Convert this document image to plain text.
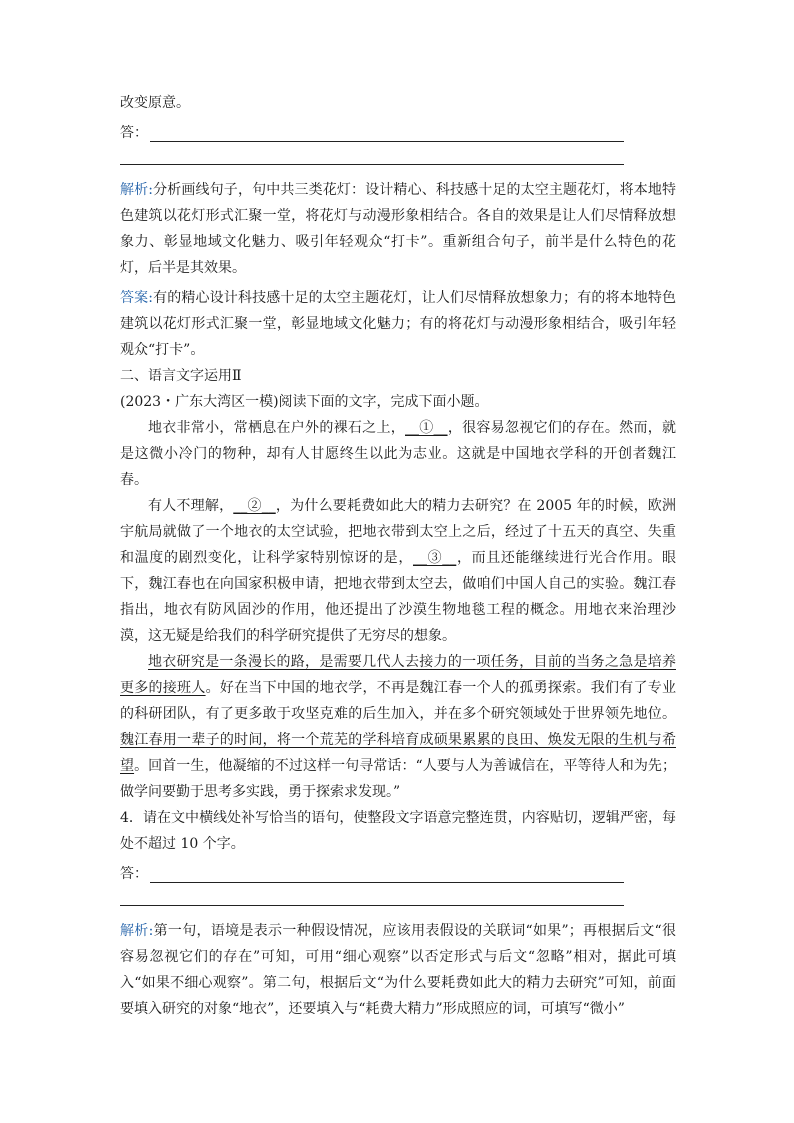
改变原意。

答：

解析:分析画线句子，句中共三类花灯：设计精心、科技感十足的太空主题花灯，将本地特色建筑以花灯形式汇聚一堂，将花灯与动漫形象相结合。各自的效果是让人们尽情释放想象力、彰显地域文化魅力、吸引年轻观众“打卡”。重新组合句子，前半是什么特色的花灯，后半是其效果。

答案:有的精心设计科技感十足的太空主题花灯，让人们尽情释放想象力；有的将本地特色建筑以花灯形式汇聚一堂，彰显地域文化魅力；有的将花灯与动漫形象相结合，吸引年轻观众“打卡”。

二、语言文字运用Ⅱ

(2023・广东大湾区一模)阅读下面的文字，完成下面小题。

地衣非常小，常栖息在户外的裸石之上，__①__，很容易忽视它们的存在。然而，就是这微小冷门的物种，却有人甘愿终生以此为志业。这就是中国地衣学科的开创者魏江春。

有人不理解，__②__，为什么要耗费如此大的精力去研究？在 2005 年的时候，欧洲宇航局就做了一个地衣的太空试验，把地衣带到太空上之后，经过了十五天的真空、失重和温度的剧烈变化，让科学家特别惊讶的是，__③__，而且还能继续进行光合作用。眼下，魏江春也在向国家积极申请，把地衣带到太空去，做咱们中国人自己的实验。魏江春指出，地衣有防风固沙的作用，他还提出了沙漠生物地毯工程的概念。用地衣来治理沙漠，这无疑是给我们的科学研究提供了无穷尽的想象。

地衣研究是一条漫长的路，是需要几代人去接力的一项任务，目前的当务之急是培养更多的接班人。好在当下中国的地衣学，不再是魏江春一个人的孤勇探索。我们有了专业的科研团队，有了更多敢于攻坚克难的后生加入，并在多个研究领域处于世界领先地位。魏江春用一辈子的时间，将一个荒芜的学科培育成硕果累累的良田、焕发无限的生机与希望。回首一生，他凝缩的不过这样一句寻常话：“人要与人为善诚信在，平等待人和为先；做学问要勤于思考多实践，勇于探索求发现。”

4．请在文中横线处补写恰当的语句，使整段文字语意完整连贯，内容贴切，逻辑严密，每处不超过 10 个字。

答：

解析:第一句，语境是表示一种假设情况，应该用表假设的关联词“如果”；再根据后文“很容易忽视它们的存在”可知，可用“细心观察”以否定形式与后文“忽略”相对，据此可填入“如果不细心观察”。第二句，根据后文“为什么要耗费如此大的精力去研究”可知，前面要填入研究的对象“地衣”，还要填入与“耗费大精力”形成照应的词，可填写“微小”
